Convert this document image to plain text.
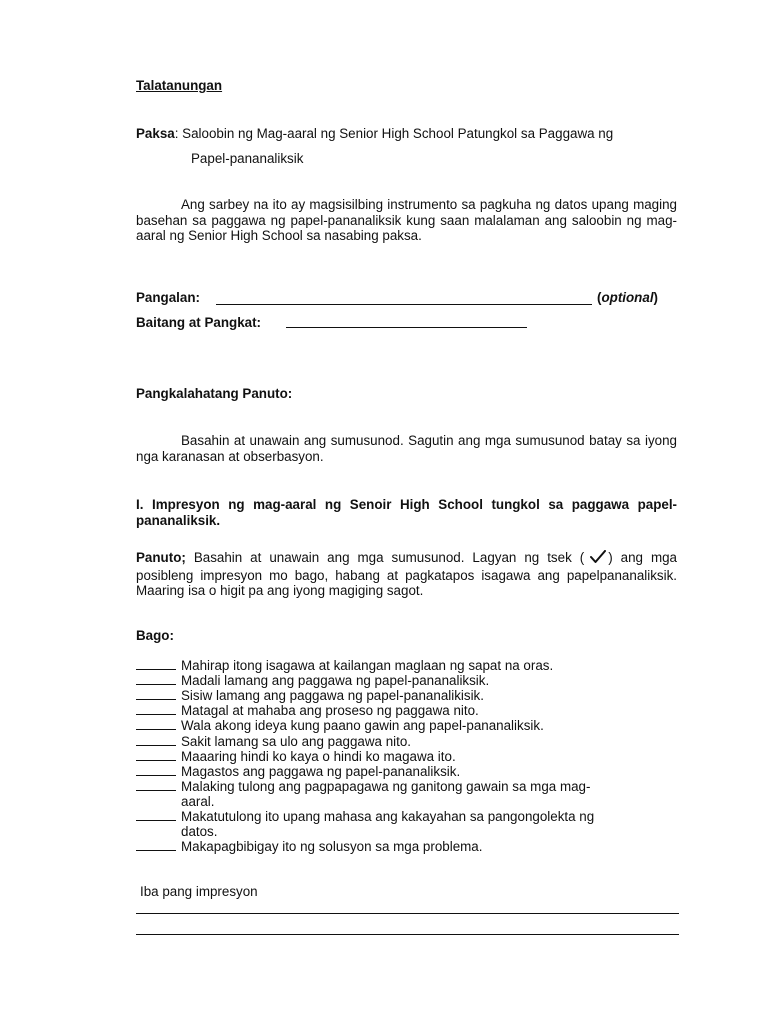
Talatanungan
Paksa: Saloobin ng Mag-aaral ng Senior High School Patungkol sa Paggawa ng
Papel-pananaliksik
Ang sarbey na ito ay magsisilbing instrumento sa pagkuha ng datos upang maging basehan sa paggawa ng papel-pananaliksik kung saan malalaman ang saloobin ng mag-aaral ng Senior High School sa nasabing paksa.
Pangalan:	(optional)
Baitang at Pangkat:
Pangkalahatang Panuto:
Basahin at unawain ang sumusunod. Sagutin ang mga sumusunod batay sa iyong nga karanasan at obserbasyon.
I. Impresyon ng mag-aaral ng Senoir High School tungkol sa paggawa papel-pananaliksik.
Panuto; Basahin at unawain ang mga sumusunod. Lagyan ng tsek ( ) ang mga posibleng impresyon mo bago, habang at pagkatapos isagawa ang papelpananaliksik. Maaring isa o higit pa ang iyong magiging sagot.
Bago:
Mahirap itong isagawa at kailangan maglaan ng sapat na oras.
Madali lamang ang paggawa ng papel-pananaliksik.
Sisiw lamang ang paggawa ng papel-pananalikisik.
Matagal at mahaba ang proseso ng paggawa nito.
Wala akong ideya kung paano gawin ang papel-pananaliksik.
Sakit lamang sa ulo ang paggawa nito.
Maaaring hindi ko kaya o hindi ko magawa ito.
Magastos ang paggawa ng papel-pananaliksik.
Malaking tulong ang pagpapagawa ng ganitong gawain sa mga mag-
aaral.
Makatutulong ito upang mahasa ang kakayahan sa pangongolekta ng
datos.
Makapagbibigay ito ng solusyon sa mga problema.
Iba pang impresyon
